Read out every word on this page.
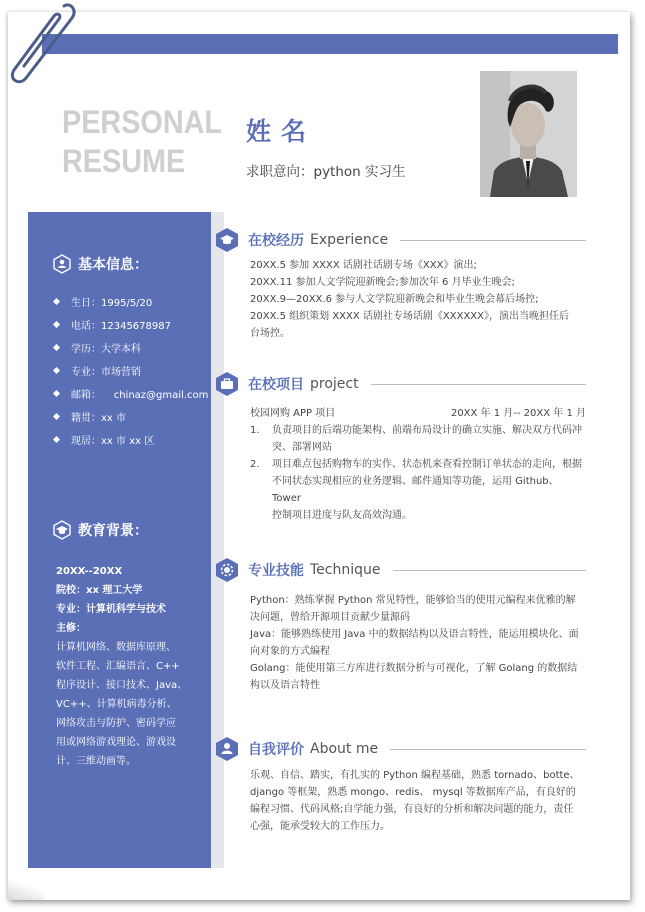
PERSONAL
RESUME
姓名
求职意向：python 实习生
基本信息：
生日：1995/5/20
电话：12345678987
学历：大学本科
专业：市场营销
邮箱：    chinaz@gmail.com
籍贯：xx 市
现居：xx 市 xx 区
教育背景：
20XX--20XX
院校：xx 理工大学
专业：计算机科学与技术
主修：
计算机网络、数据库原理、
软件工程、汇编语言、C++
程序设计、接口技术、Java、
VC++、计算机病毒分析、
网络攻击与防护、密码学应
用或网络游戏理论、游戏设
计、三维动画等。
在校经历 Experience
20XX.5 参加 XXXX 话剧社话剧专场《XXX》演出;
20XX.11 参加人文学院迎新晚会;参加次年 6 月毕业生晚会;
20XX.9—20XX.6 参与人文学院迎新晚会和毕业生晚会幕后场控;
20XX.5 组织策划 XXXX 话剧社专场话剧《XXXXXX》，演出当晚担任后
台场控。
在校项目 project
校园网购 APP 项目	20XX 年 1 月-- 20XX 年 1 月
1.	负责项目的后端功能架构、前端布局设计的确立实施、解决双方代码冲
突、部署网站
2.	项目难点包括购物车的实作、状态机来查看控制订单状态的走向，根据
不同状态实现相应的业务逻辑、邮件通知等功能，运用 Github、Tower
控制项目进度与队友高效沟通。
专业技能 Technique
Python：熟练掌握 Python 常见特性，能够恰当的使用元编程来优雅的解
决问题，曾给开源项目贡献少量源码
Java：能够熟练使用 Java 中的数据结构以及语言特性，能运用模块化、面
向对象的方式编程
Golang：能使用第三方库进行数据分析与可视化，了解 Golang 的数据结
构以及语言特性
自我评价 About me
乐观、自信、踏实，有扎实的 Python 编程基础，熟悉 tornado、botte、
django 等框架，熟悉 mongo、redis、 mysql 等数据库产品，有良好的
编程习惯、代码风格;自学能力强，有良好的分析和解决问题的能力，责任
心强，能承受较大的工作压力。
